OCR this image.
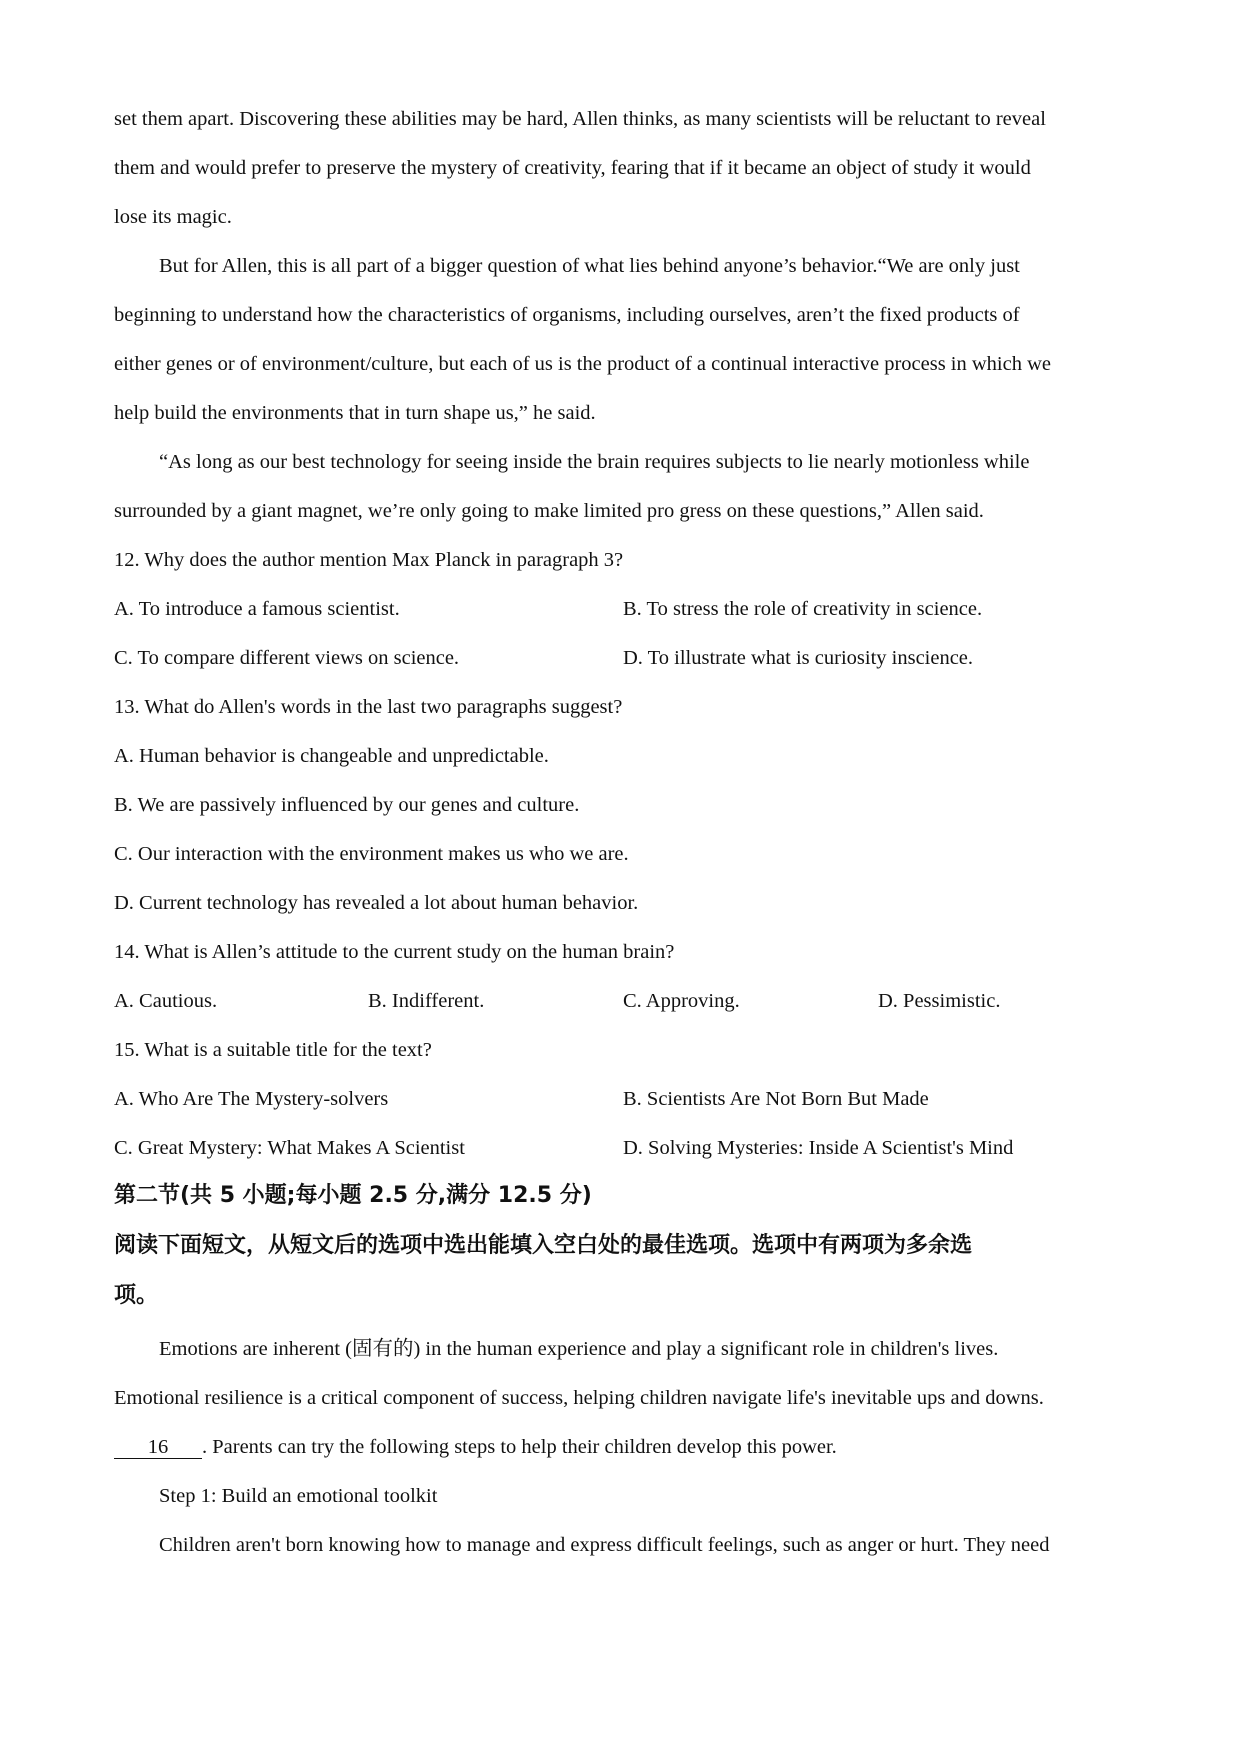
set them apart. Discovering these abilities may be hard, Allen thinks, as many scientists will be reluctant to reveal
them and would prefer to preserve the mystery of creativity, fearing that if it became an object of study it would
lose its magic.
But for Allen, this is all part of a bigger question of what lies behind anyone’s behavior.“We are only just
beginning to understand how the characteristics of organisms, including ourselves, aren’t the fixed products of
either genes or of environment/culture, but each of us is the product of a continual interactive process in which we
help build the environments that in turn shape us,” he said.
“As long as our best technology for seeing inside the brain requires subjects to lie nearly motionless while
surrounded by a giant magnet, we’re only going to make limited pro gress on these questions,” Allen said.
12. Why does the author mention Max Planck in paragraph 3?
A. To introduce a famous scientist.	B. To stress the role of creativity in science.
C. To compare different views on science.	D. To illustrate what is curiosity inscience.
13. What do Allen's words in the last two paragraphs suggest?
A. Human behavior is changeable and unpredictable.
B. We are passively influenced by our genes and culture.
C. Our interaction with the environment makes us who we are.
D. Current technology has revealed a lot about human behavior.
14. What is Allen’s attitude to the current study on the human brain?
A. Cautious.	B. Indifferent.	C. Approving.	D. Pessimistic.
15. What is a suitable title for the text?
A. Who Are The Mystery-solvers	B. Scientists Are Not Born But Made
C. Great Mystery: What Makes A Scientist	D. Solving Mysteries: Inside A Scientist's Mind
第二节(共 5 小题;每小题 2.5 分,满分 12.5 分)
阅读下面短文，从短文后的选项中选出能填入空白处的最佳选项。选项中有两项为多余选
项。
Emotions are inherent (固有的) in the human experience and play a significant role in children's lives.
Emotional resilience is a critical component of success, helping children navigate life's inevitable ups and downs.
16 . Parents can try the following steps to help their children develop this power.
Step 1: Build an emotional toolkit
Children aren't born knowing how to manage and express difficult feelings, such as anger or hurt. They need
